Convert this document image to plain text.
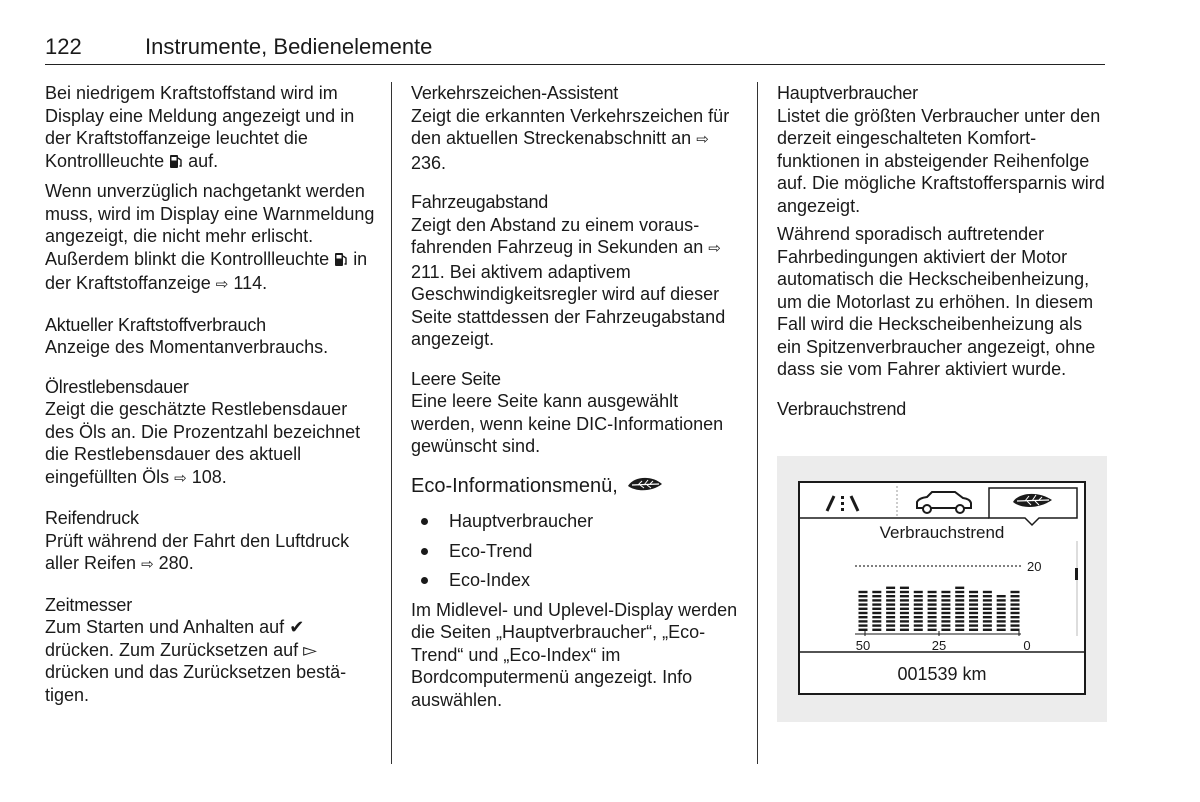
122	Instrumente, Bedienelemente

Bei niedrigem Kraftstoffstand wird im Display eine Meldung angezeigt und in der Kraftstoffanzeige leuchtet die Kontrollleuchte auf.

Wenn unverzüglich nachgetankt werden muss, wird im Display eine Warnmeldung angezeigt, die nicht mehr erlischt. Außerdem blinkt die Kontrollleuchte in der Kraftstoffanzeige ⇨ 114.

Aktueller Kraftstoffverbrauch

Anzeige des Momentanverbrauchs.

Ölrestlebensdauer

Zeigt die geschätzte Restlebensdauer des Öls an. Die Prozentzahl bezeichnet die Restlebensdauer des aktuell eingefüllten Öls ⇨ 108.

Reifendruck

Prüft während der Fahrt den Luftdruck aller Reifen ⇨ 280.

Zeitmesser

Zum Starten und Anhalten auf ✔ drücken. Zum Zurücksetzen auf ▻ drücken und das Zurücksetzen bestätigen.

Verkehrszeichen-Assistent

Zeigt die erkannten Verkehrszeichen für den aktuellen Streckenabschnitt an ⇨ 236.

Fahrzeugabstand

Zeigt den Abstand zu einem vorausfahrenden Fahrzeug in Sekunden an ⇨ 211. Bei aktivem adaptivem Geschwindigkeitsregler wird auf dieser Seite stattdessen der Fahrzeugabstand angezeigt.

Leere Seite

Eine leere Seite kann ausgewählt werden, wenn keine DIC-Informationen gewünscht sind.

Eco-Informationsmenü,

Hauptverbraucher
Eco-Trend
Eco-Index

Im Midlevel- und Uplevel-Display werden die Seiten „Hauptverbraucher“, „Eco-Trend“ und „Eco-Index“ im Bordcomputermenü angezeigt. Info auswählen.

Hauptverbraucher

Listet die größten Verbraucher unter den derzeit eingeschalteten Komfortfunktionen in absteigender Reihenfolge auf. Die mögliche Kraftstoffersparnis wird angezeigt.

Während sporadisch auftretender Fahrbedingungen aktiviert der Motor automatisch die Heckscheibenheizung, um die Motorlast zu erhöhen. In diesem Fall wird die Heckscheibenheizung als ein Spitzenverbraucher angezeigt, ohne dass sie vom Fahrer aktiviert wurde.

Verbrauchstrend

Verbrauchstrend
20
50	25	0
001539 km
